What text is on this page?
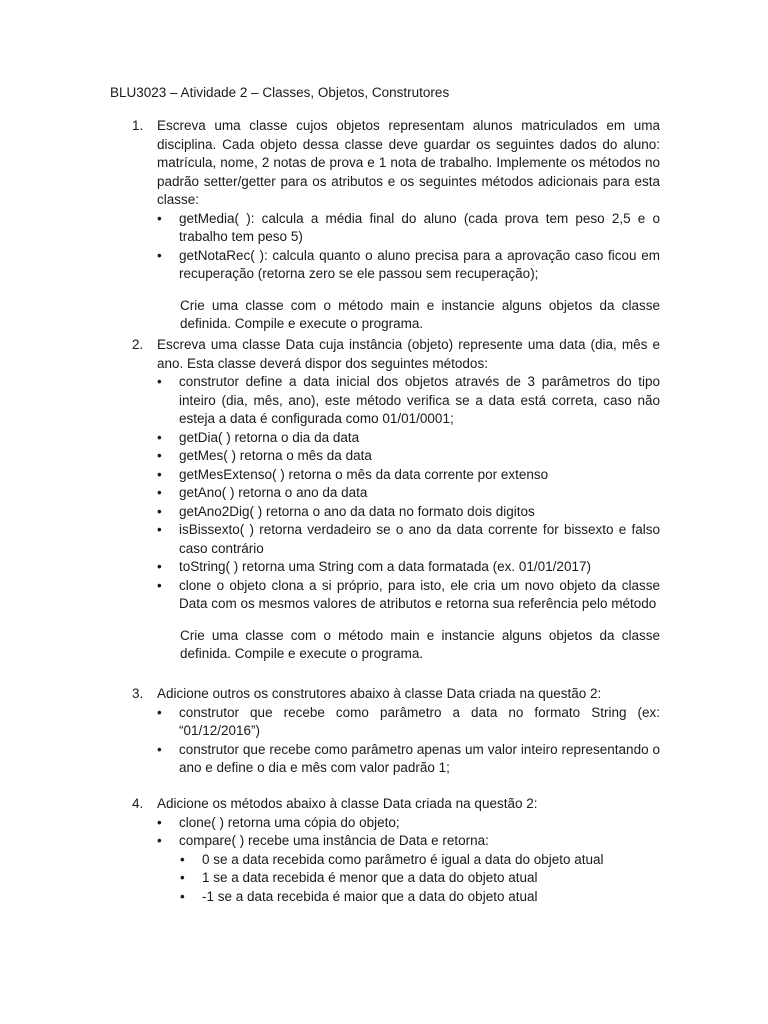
BLU3023 – Atividade 2 – Classes, Objetos, Construtores
1. Escreva uma classe cujos objetos representam alunos matriculados em uma disciplina. Cada objeto dessa classe deve guardar os seguintes dados do aluno: matrícula, nome, 2 notas de prova e 1 nota de trabalho. Implemente os métodos no padrão setter/getter para os atributos e os seguintes métodos adicionais para esta classe:
• getMedia( ): calcula a média final do aluno (cada prova tem peso 2,5 e o trabalho tem peso 5)
• getNotaRec( ): calcula quanto o aluno precisa para a aprovação caso ficou em recuperação (retorna zero se ele passou sem recuperação);
Crie uma classe com o método main e instancie alguns objetos da classe definida. Compile e execute o programa.
2. Escreva uma classe Data cuja instância (objeto) represente uma data (dia, mês e ano. Esta classe deverá dispor dos seguintes métodos:
• construtor define a data inicial dos objetos através de 3 parâmetros do tipo inteiro (dia, mês, ano), este método verifica se a data está correta, caso não esteja a data é configurada como 01/01/0001;
• getDia( ) retorna o dia da data
• getMes( ) retorna o mês da data
• getMesExtenso( ) retorna o mês da data corrente por extenso
• getAno( ) retorna o ano da data
• getAno2Dig( ) retorna o ano da data no formato dois digitos
• isBissexto( ) retorna verdadeiro se o ano da data corrente for bissexto e falso caso contrário
• toString( ) retorna uma String com a data formatada (ex. 01/01/2017)
• clone o objeto clona a si próprio, para isto, ele cria um novo objeto da classe Data com os mesmos valores de atributos e retorna sua referência pelo método
Crie uma classe com o método main e instancie alguns objetos da classe definida. Compile e execute o programa.
3. Adicione outros os construtores abaixo à classe Data criada na questão 2:
• construtor que recebe como parâmetro a data no formato String (ex: “01/12/2016”)
• construtor que recebe como parâmetro apenas um valor inteiro representando o ano e define o dia e mês com valor padrão 1;
4. Adicione os métodos abaixo à classe Data criada na questão 2:
• clone( ) retorna uma cópia do objeto;
• compare( ) recebe uma instância de Data e retorna:
• 0 se a data recebida como parâmetro é igual a data do objeto atual
• 1 se a data recebida é menor que a data do objeto atual
• -1 se a data recebida é maior que a data do objeto atual
